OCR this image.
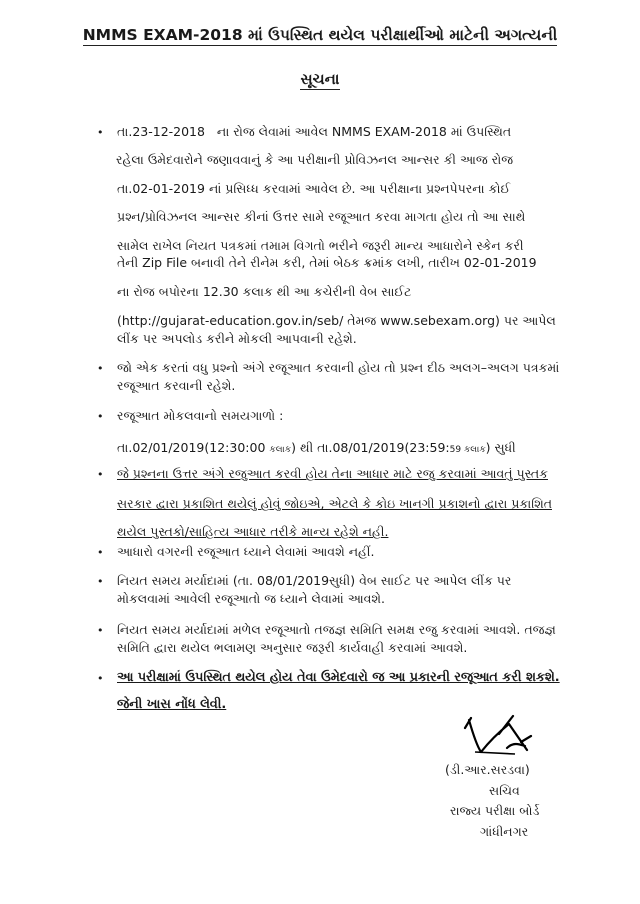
NMMS EXAM-2018 માં ઉપસ્થિત થયેલ પરીક્ષાર્થીઓ માટેની અગત્યની
સૂચના
• તા.23-12-2018 ના રોજ લેવામાં આવેલ NMMS EXAM-2018 માં ઉપસ્થિત
રહેલા ઉમેદવારોને જણાવવાનું કે આ પરીક્ષાની પ્રોવિઝનલ આન્સર કી આજ રોજ
તા.02-01-2019 નાં પ્રસિધ્ધ કરવામાં આવેલ છે. આ પરીક્ષાના પ્રશ્નપેપરના કોઈ
પ્રશ્ન/પ્રોવિઝનલ આન્સર કીનાં ઉત્તર સામે રજૂઆત કરવા માગતા હોય તો આ સાથે
સામેલ રાખેલ નિયત પત્રકમાં તમામ વિગતો ભરીને જરૂરી માન્ય આધારોને સ્કેન કરી
તેની Zip File બનાવી તેને રીનેમ કરી, તેમાં બેઠક ક્રમાંક લખી, તારીખ 02-01-2019
ના રોજ બપોરના 12.30 કલાક થી આ કચેરીની વેબ સાઈટ
(http://gujarat-education.gov.in/seb/ તેમજ www.sebexam.org) પર આપેલ
લીંક પર અપલોડ કરીને મોકલી આપવાની રહેશે.
• જો એક કરતાં વધુ પ્રશ્નો અંગે રજૂઆત કરવાની હોય તો પ્રશ્ન દીઠ અલગ–અલગ પત્રકમાં
રજૂઆત કરવાની રહેશે.
• રજૂઆત મોકલવાનો સમયગાળો :
તા.02/01/2019(12:30:00 કલાક) થી તા.08/01/2019(23:59:59 કલાક) સુધી
• જે પ્રશ્નના ઉત્તર અંગે રજુઆત કરવી હોય તેના આધાર માટે રજુ કરવામાં આવતું પુસ્તક
સરકાર દ્વારા પ્રકાશિત થયેલું હોવું જોઇએ, એટલે કે કોઇ ખાનગી પ્રકાશનો દ્વારા પ્રકાશિત
થયેલ પુસ્તકો/સાહિત્ય આધાર તરીકે માન્ય રહેશે નહી.
• આધારો વગરની રજૂઆત ધ્યાને લેવામાં આવશે નહીં.
• નિયત સમય મર્યાદામાં (તા. 08/01/2019સુધી) વેબ સાઈટ પર આપેલ લીંક પર
મોકલવામાં આવેલી રજૂઆતો જ ધ્યાને લેવામાં આવશે.
• નિયત સમય મર્યાદામાં મળેલ રજૂઆતો તજજ્ઞ સમિતિ સમક્ષ રજુ કરવામાં આવશે. તજજ્ઞ
સમિતિ દ્વારા થયેલ ભલામણ અનુસાર જરૂરી કાર્યવાહી કરવામાં આવશે.
• આ પરીક્ષામાં ઉપસ્થિત થયેલ હોય તેવા ઉમેદવારો જ આ પ્રકારની રજૂઆત કરી શકશે.
જેની ખાસ નોંધ લેવી.
(ડી.આર.સરડવા)
સચિવ
રાજ્ય પરીક્ષા બોર્ડ
ગાંધીનગર
